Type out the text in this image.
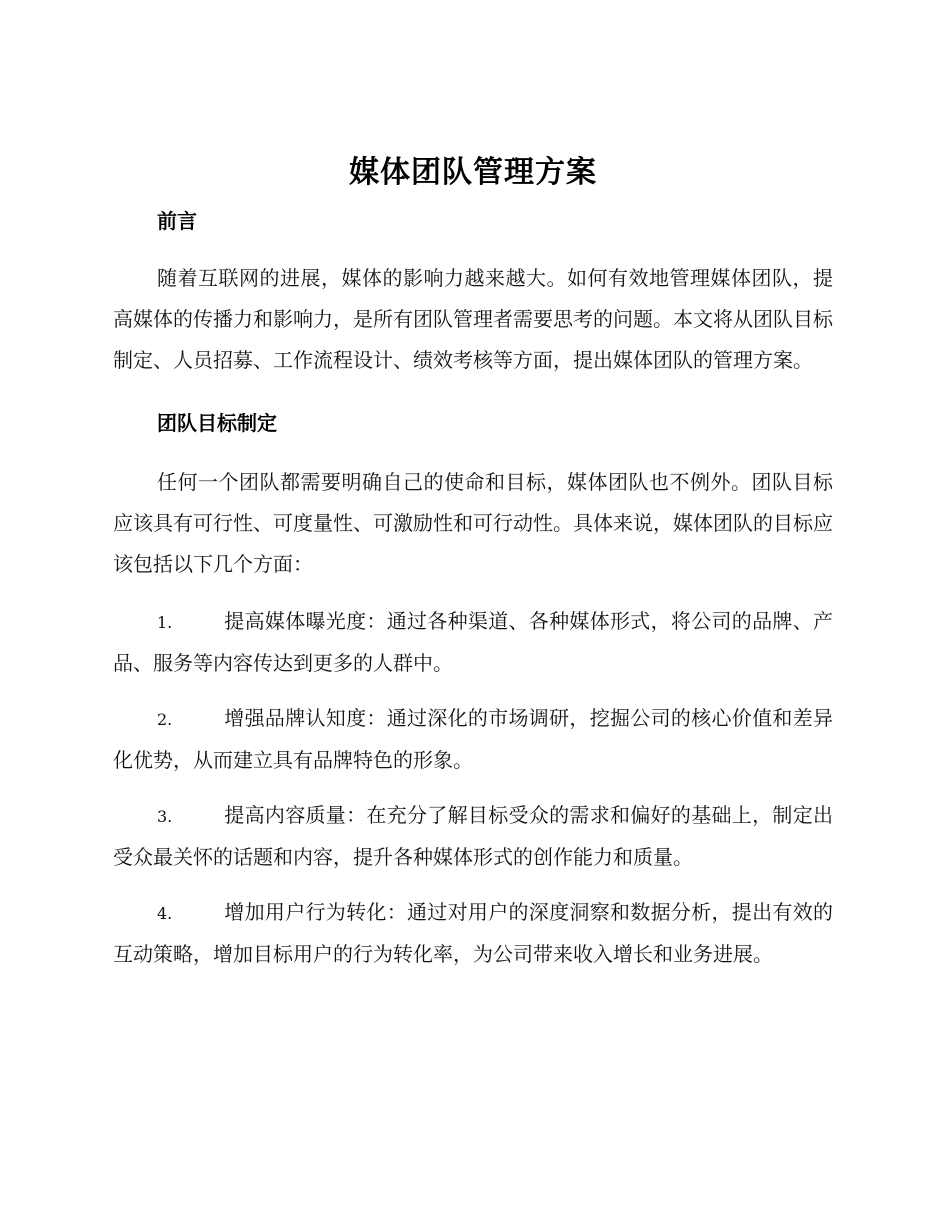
媒体团队管理方案
前言

随着互联网的进展，媒体的影响力越来越大。如何有效地管理媒体团队，提高媒体的传播力和影响力，是所有团队管理者需要思考的问题。本文将从团队目标制定、人员招募、工作流程设计、绩效考核等方面，提出媒体团队的管理方案。

团队目标制定

任何一个团队都需要明确自己的使命和目标，媒体团队也不例外。团队目标应该具有可行性、可度量性、可激励性和可行动性。具体来说，媒体团队的目标应该包括以下几个方面：

1.	提高媒体曝光度：通过各种渠道、各种媒体形式，将公司的品牌、产品、服务等内容传达到更多的人群中。

2.	增强品牌认知度：通过深化的市场调研，挖掘公司的核心价值和差异化优势，从而建立具有品牌特色的形象。

3.	提高内容质量：在充分了解目标受众的需求和偏好的基础上，制定出受众最关怀的话题和内容，提升各种媒体形式的创作能力和质量。

4.	增加用户行为转化：通过对用户的深度洞察和数据分析，提出有效的互动策略，增加目标用户的行为转化率，为公司带来收入增长和业务进展。
